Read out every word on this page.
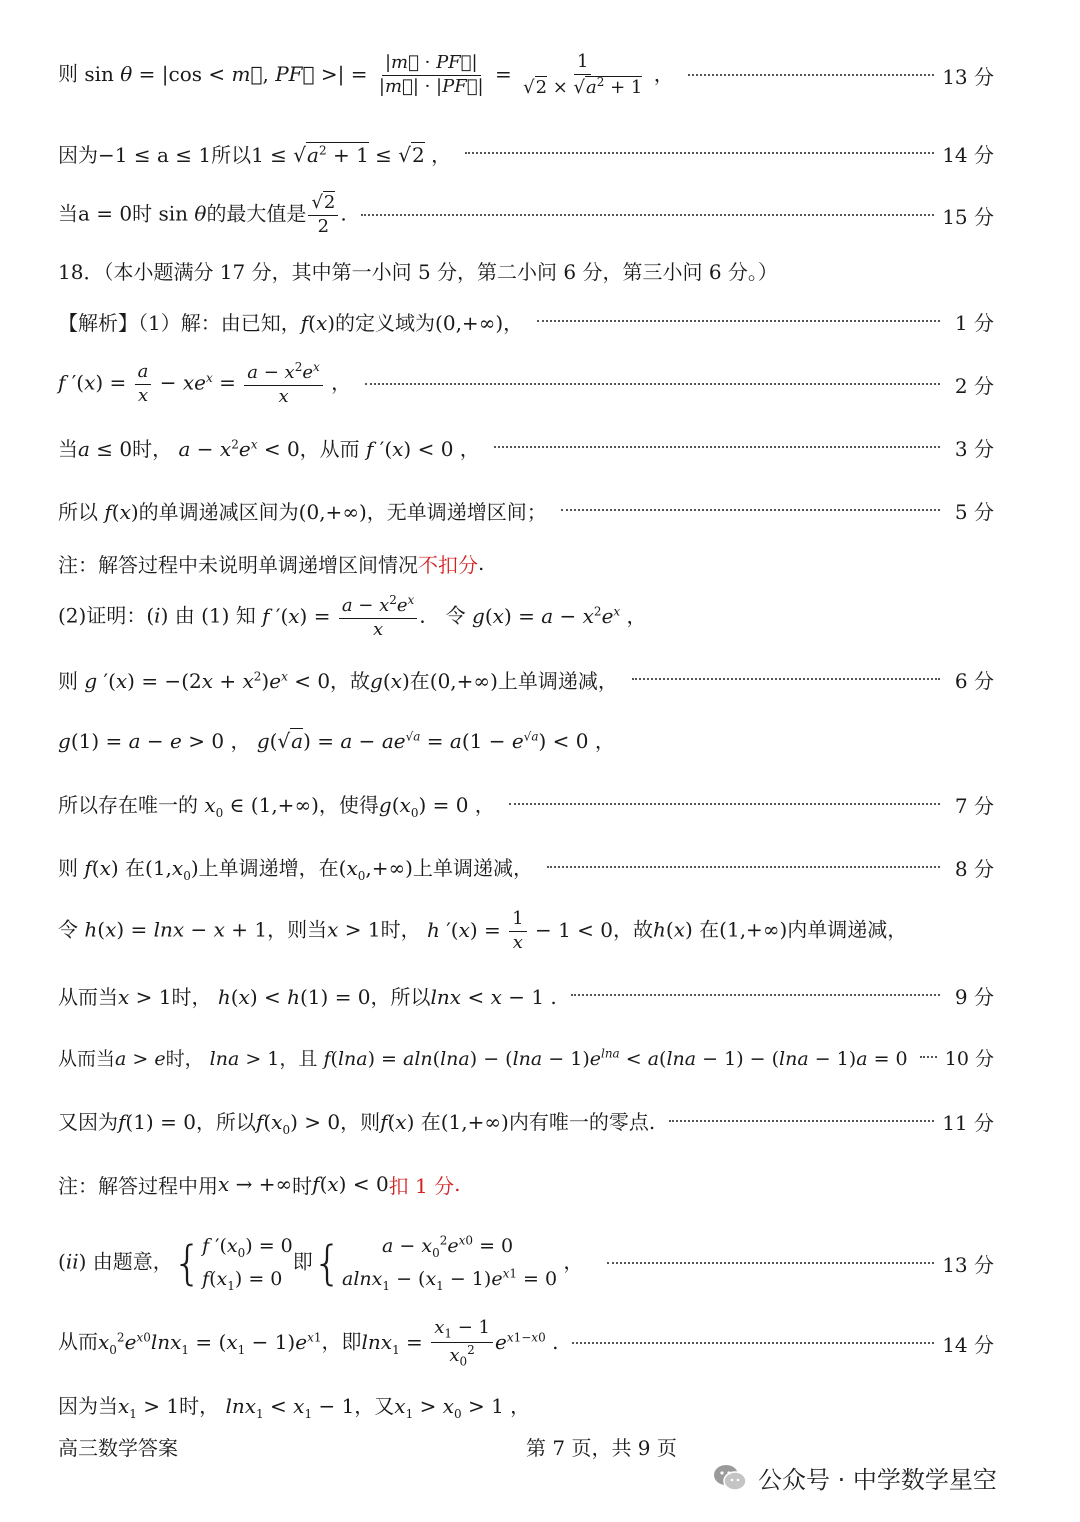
则 sin θ = |cos < m⃗, PF⃗ >| = $\frac{|m⃗ \cdot PF⃗|}{|m⃗| \cdot |PF⃗|} = \frac{1}{√2 \times √a^2 + 1}$ ，	13 分
因为−1 ≤ a ≤ 1所以$1 \le √a^2 + 1 \le √2$ ，	14 分
当a = 0时 sin θ的最大值是 $\frac{√2}{2}$ .	15 分
18．（本小题满分 17 分，其中第一小问 5 分，第二小问 6 分，第三小问 6 分。）
【解析】（1）解：由已知，f(x)的定义域为(0,+∞)，	1 分
f $'(x) = \frac{a}{x} - xe^x = \frac{a - x^2e^x}{x}$ ，	2 分
当a ≤ 0时， $a - x^2e^x < 0$，从而 f ′(x) < 0 ，	3 分
所以 f(x)的单调递减区间为(0,+∞)，无单调递增区间；	5 分
注：解答过程中未说明单调递增区间情况 不扣分 .
(2)证明：(i) 由 (1) 知 f $'(x) = \frac{a - x^2e^x}{x}$ ． 令 $g(x) = a - x^2e^x$ ，
则 g $'(x) = -(2x + x^2)e^x < 0$，故g(x)在(0,+∞)上单调递减，	6 分
g(1) = a − e > 0 ， $g(√a) = a - ae^{√a} = a(1 - e^{√a}) < 0$ ，
所以存在唯一的 $x_0$ ∈ (1,+∞)，使得$g(x_0) = 0$ ，	7 分
则 f(x) 在$(1,x_0)$上单调递增，在$(x_0,+\infty)$上单调递减，	8 分
令 h(x) = lnx − x + 1，则当x > 1时， h $'(x) = \frac{1}{x} - 1 < 0$，故h(x) 在(1,+∞)内单调递减，
从而当x > 1时， h(x) < h(1) = 0，所以lnx < x − 1 .	9 分
从而当a > e时， lna > 1，且 $f(\ln a) = aln(\ln a) - (\ln a - 1)e^{lna} < a(\ln a - 1) - (\ln a - 1)a = 0$ 10 分
又因为f(1) = 0，所以$f(x_0) > 0$，则f(x) 在(1,+∞)内有唯一的零点.	11 分
注：解答过程中用 x → +∞ 时 f(x) < 0 扣 1 分 .
(ii) 由题意，{ f $'(x_0) = 0$
$f(x_1) = 0$
即{	$a - x_0^2e^{x0} = 0$
$alnx_1 - (x_1 - 1)e^{x1} = 0$
，	13 分
从而$x_0^2e^{x0}\ln x_1 = (x_1 - 1)e^{x1}$，即$\ln x_1 = \frac{x_1 - 1}{x_0^2} e^{x1-x0}$ .	14 分
因为当$x_1 > 1$时， $\ln x_1 < x_1 - 1$，又$x_1 > x_0 > 1$ ，
高三数学答案	第 7 页，共 9 页
公众号 · 中学数学星空
